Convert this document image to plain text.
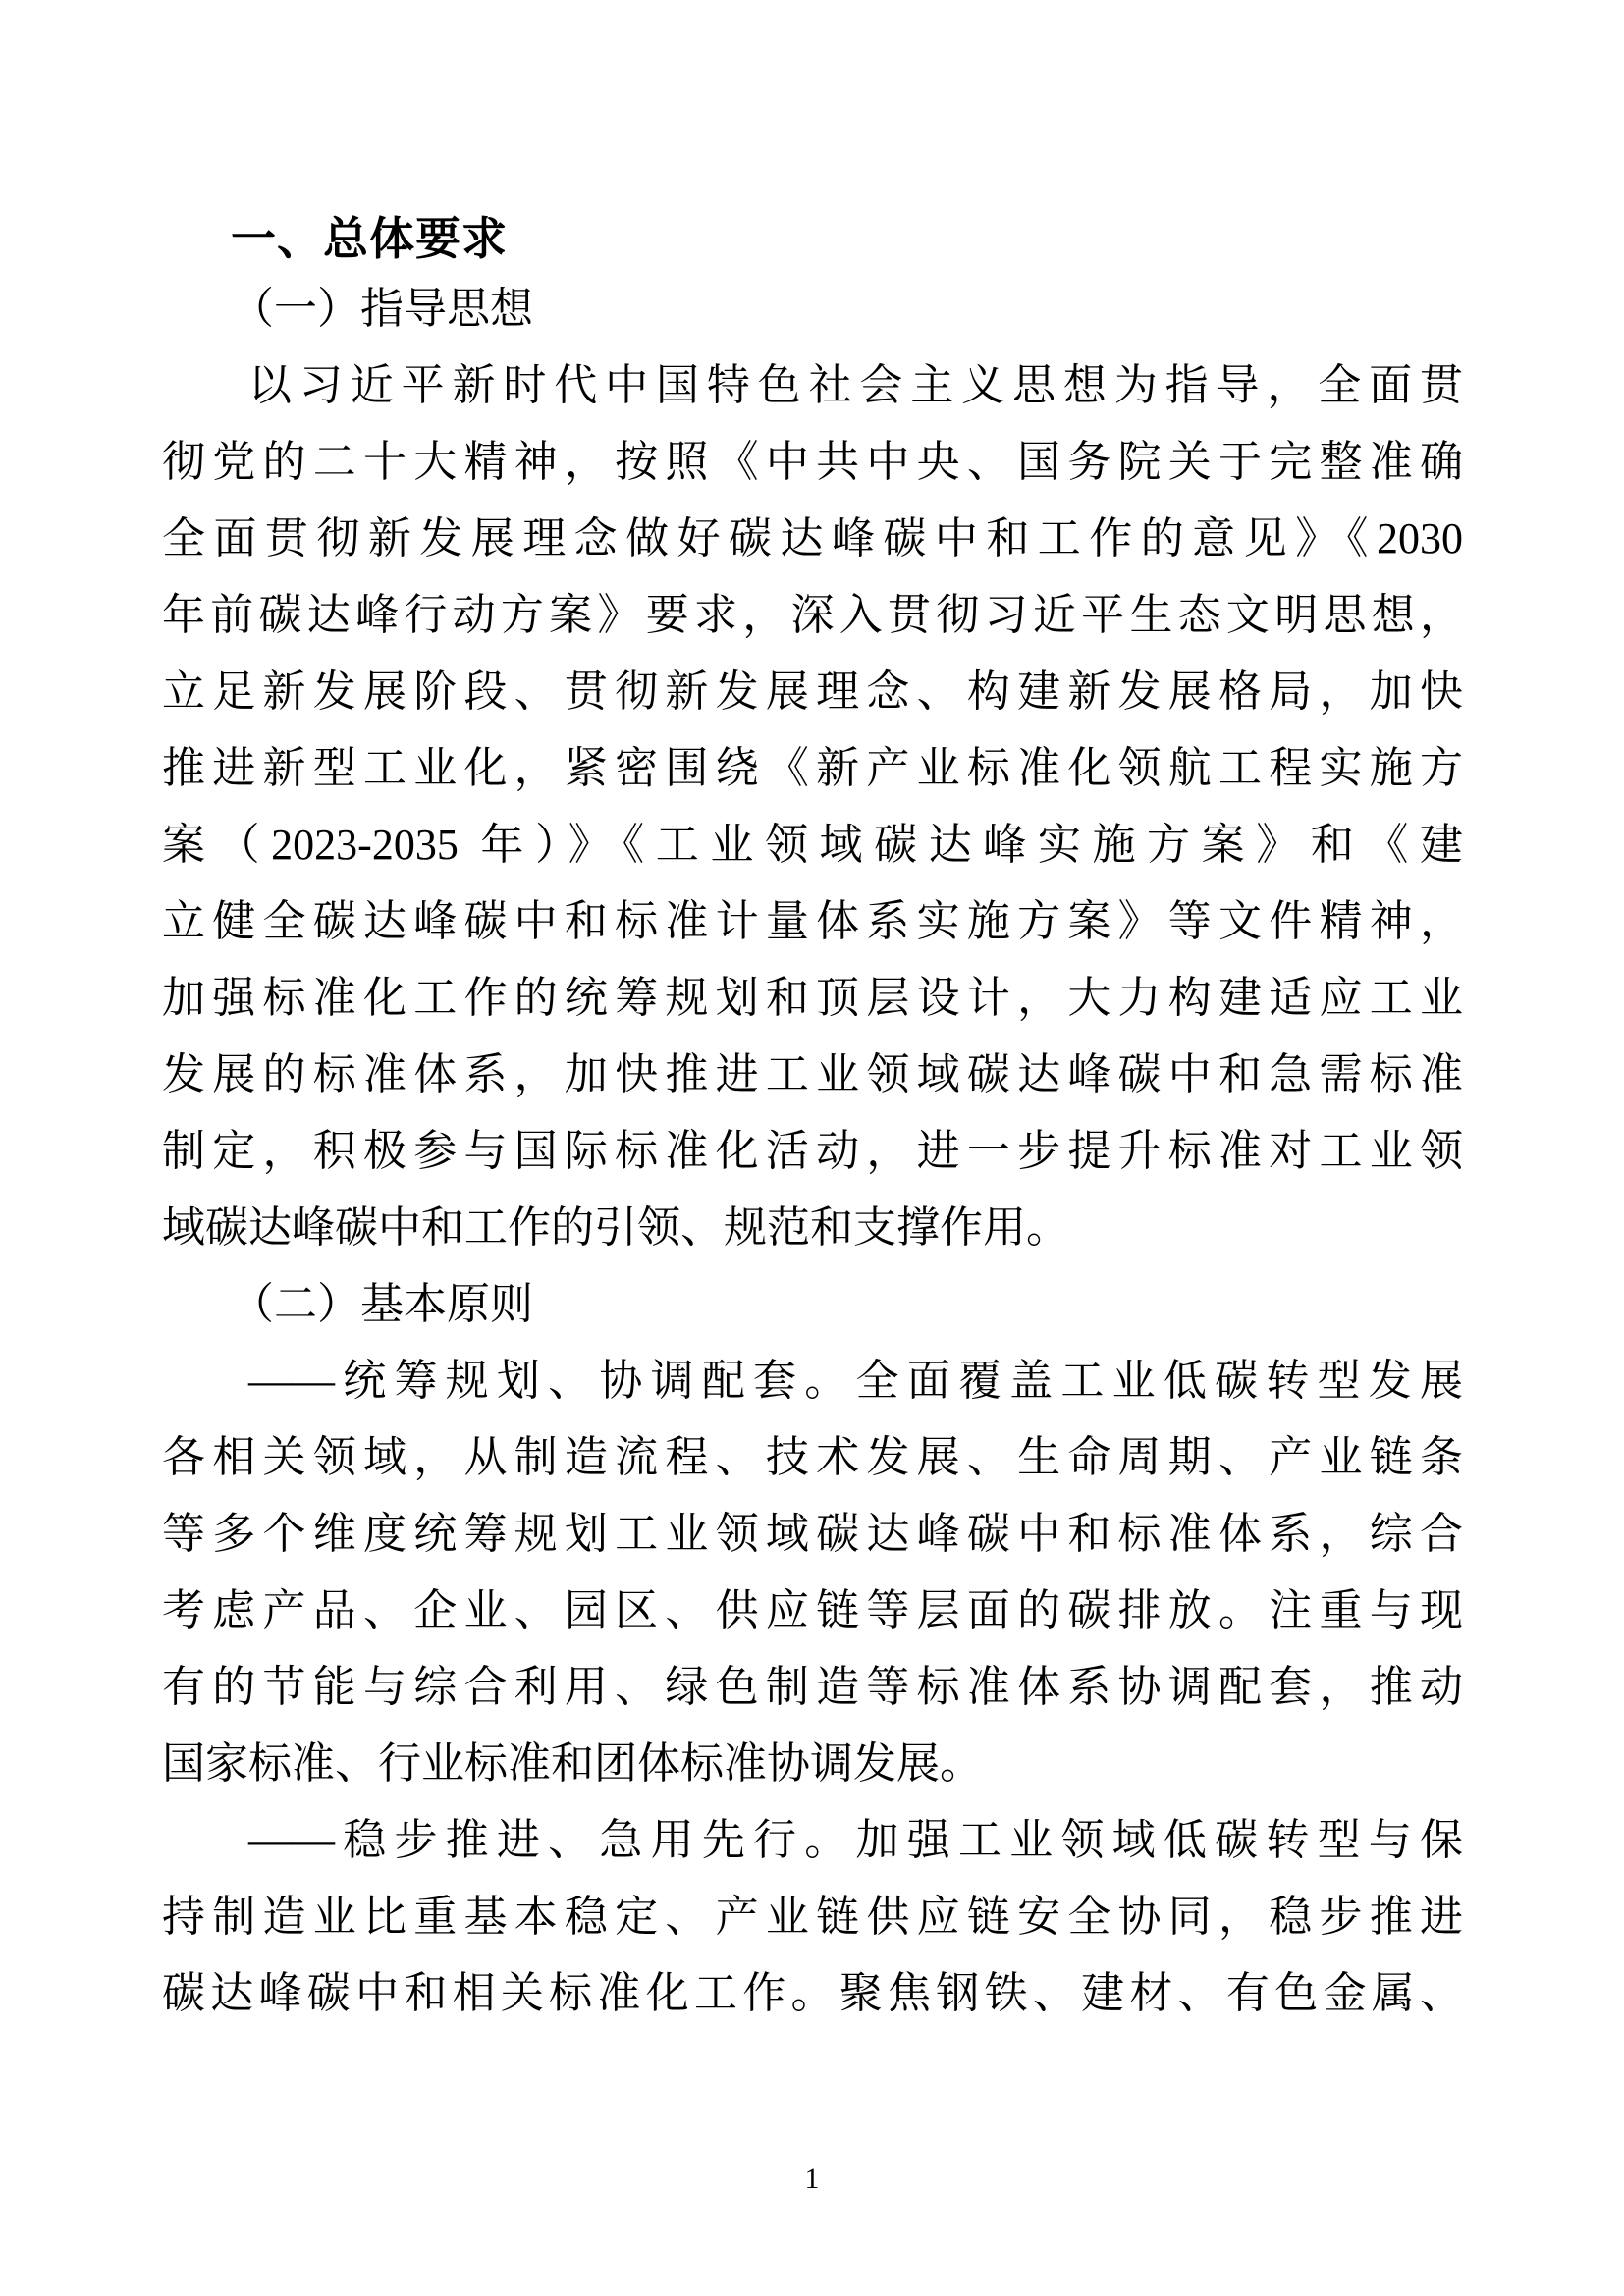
一、总体要求
（一）指导思想
以习近平新时代中国特色社会主义思想为指导，全面贯
彻党的二十大精神，按照《中共中央、国务院关于完整准确
全面贯彻新发展理念做好碳达峰碳中和工作的意见》《2030
年前碳达峰行动方案》要求，深入贯彻习近平生态文明思想，
立足新发展阶段、贯彻新发展理念、构建新发展格局，加快
推进新型工业化，紧密围绕《新产业标准化领航工程实施方
案（2023-2035 年）》《工业领域碳达峰实施方案》和《建
立健全碳达峰碳中和标准计量体系实施方案》等文件精神，
加强标准化工作的统筹规划和顶层设计，大力构建适应工业
发展的标准体系，加快推进工业领域碳达峰碳中和急需标准
制定，积极参与国际标准化活动，进一步提升标准对工业领
域碳达峰碳中和工作的引领、规范和支撑作用。
（二）基本原则
——统筹规划、协调配套。全面覆盖工业低碳转型发展
各相关领域，从制造流程、技术发展、生命周期、产业链条
等多个维度统筹规划工业领域碳达峰碳中和标准体系，综合
考虑产品、企业、园区、供应链等层面的碳排放。注重与现
有的节能与综合利用、绿色制造等标准体系协调配套，推动
国家标准、行业标准和团体标准协调发展。
——稳步推进、急用先行。加强工业领域低碳转型与保
持制造业比重基本稳定、产业链供应链安全协同，稳步推进
碳达峰碳中和相关标准化工作。聚焦钢铁、建材、有色金属、
1
